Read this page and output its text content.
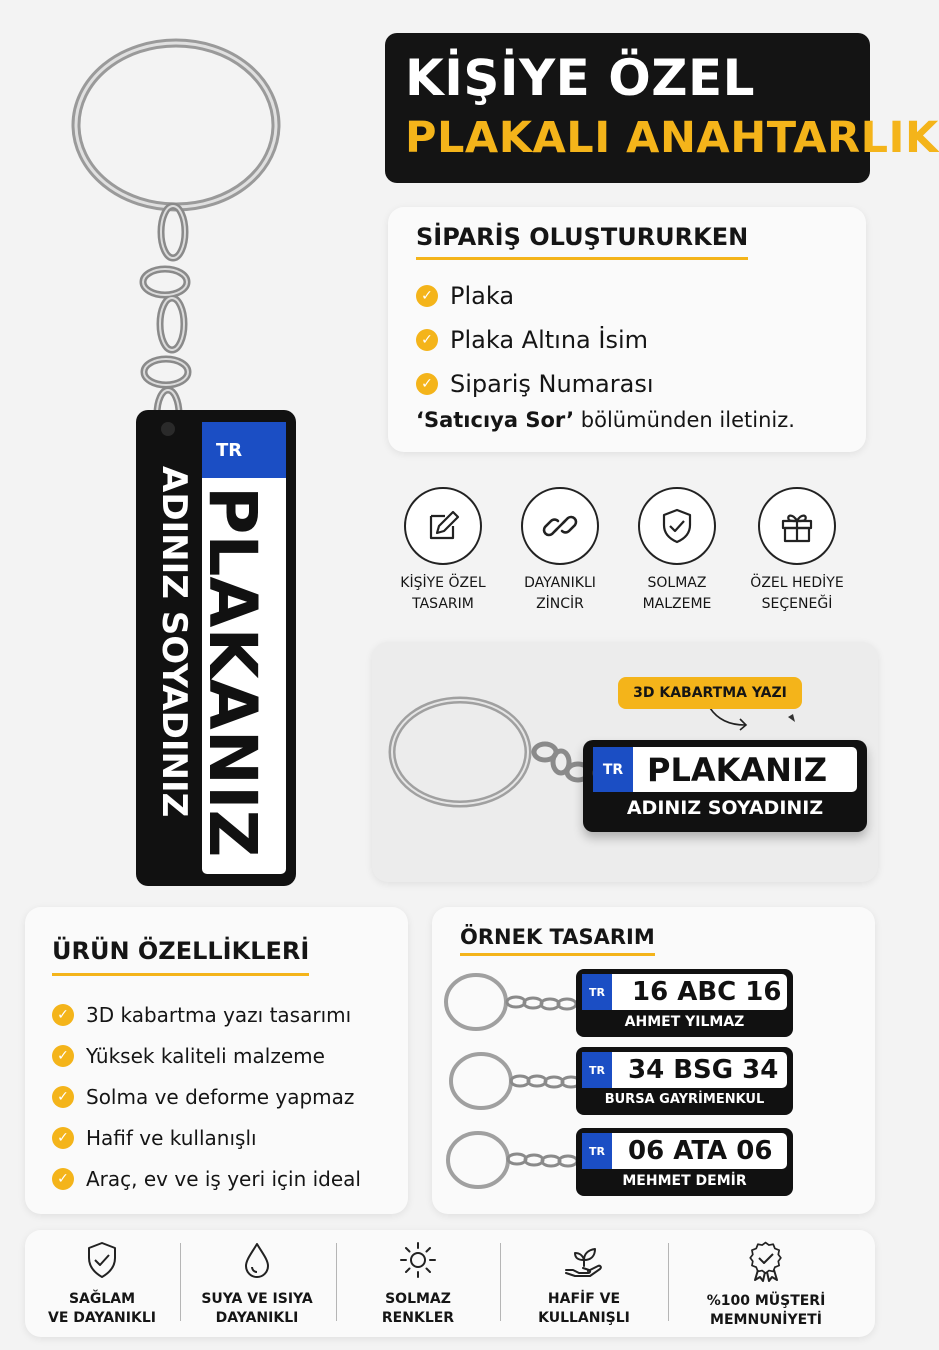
TR
PLAKANIZ
ADINIZ SOYADINIZ
KİŞİYE ÖZEL
PLAKALI ANAHTARLIK
SİPARİŞ OLUŞTURURKEN
✓ Plaka
✓ Plaka Altına İsim
✓ Sipariş Numarası
‘Satıcıya Sor’ bölümünden iletiniz.
KİŞİYE ÖZEL
TASARIM
DAYANIKLI
ZİNCİR
SOLMAZ
MALZEME
ÖZEL HEDİYE
SEÇENEĞİ
3D KABARTMA YAZI
TR PLAKANIZ
ADINIZ SOYADINIZ
ÜRÜN ÖZELLİKLERİ
✓ 3D kabartma yazı tasarımı
✓ Yüksek kaliteli malzeme
✓ Solma ve deforme yapmaz
✓ Hafif ve kullanışlı
✓ Araç, ev ve iş yeri için ideal
ÖRNEK TASARIM
TR 16 ABC 16
AHMET YILMAZ
TR 34 BSG 34
BURSA GAYRİMENKUL
TR 06 ATA 06
MEHMET DEMİR
SAĞLAM
VE DAYANIKLI
SUYA VE ISIYA
DAYANIKLI
SOLMAZ
RENKLER
HAFİF VE
KULLANIŞLI
%100 MÜŞTERİ
MEMNUNİYETİ
